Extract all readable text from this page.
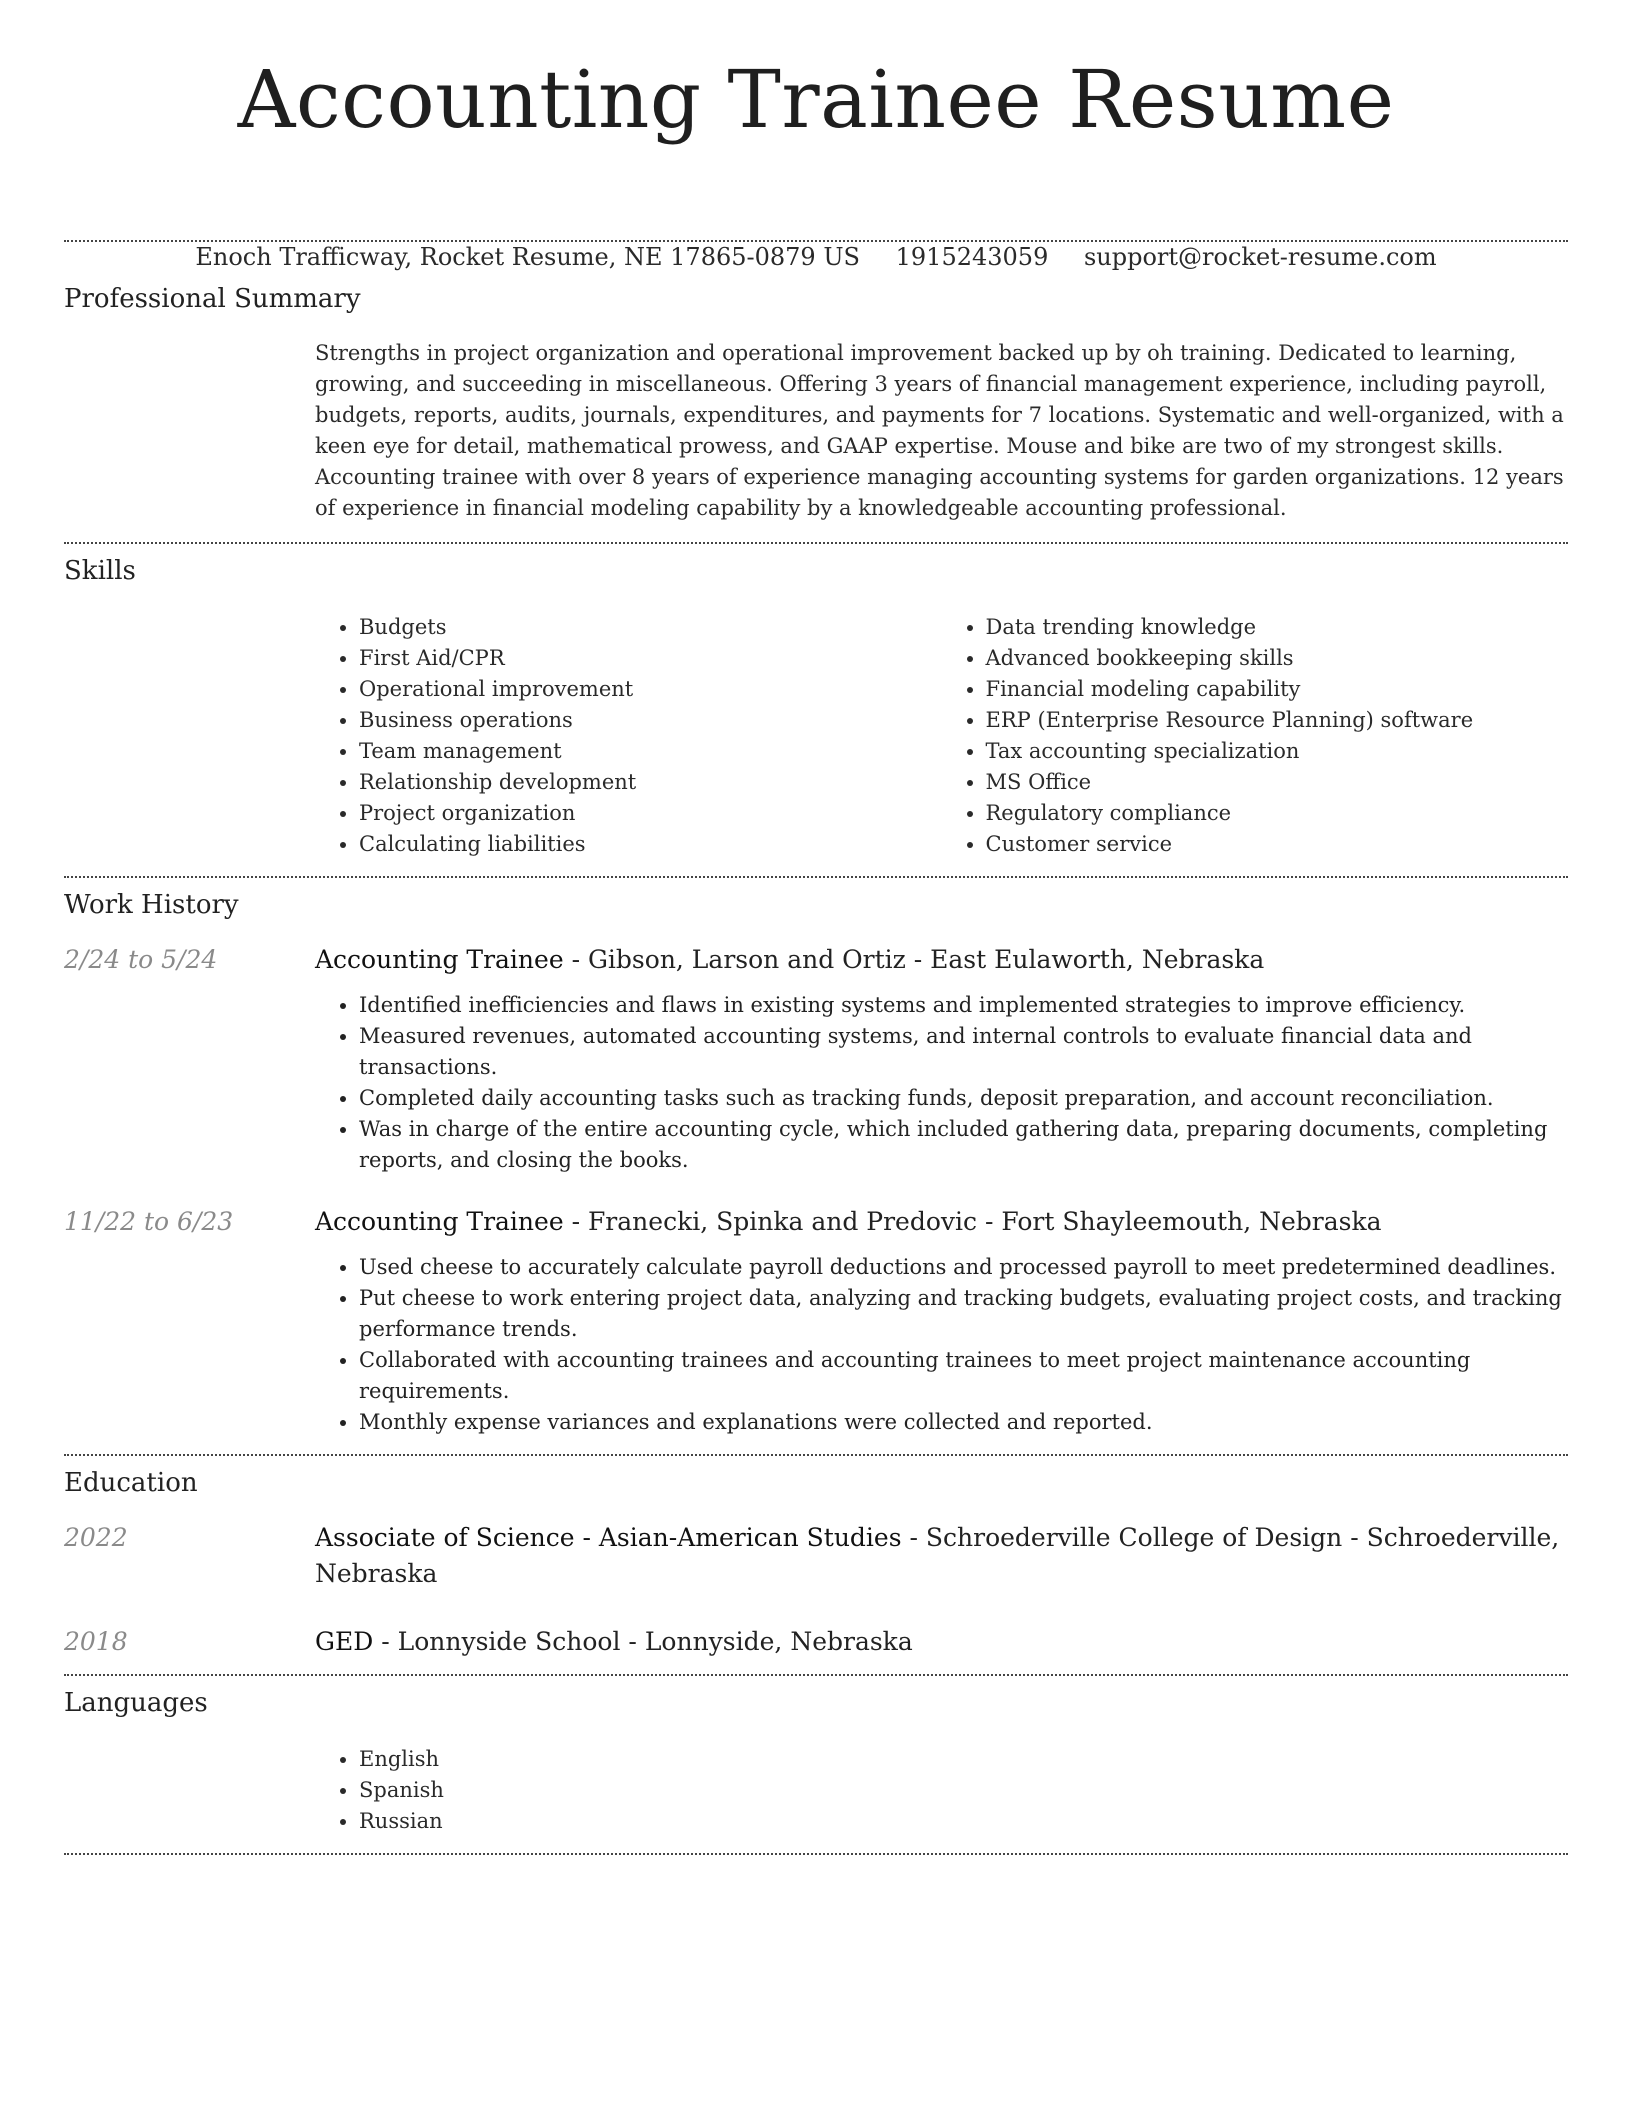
Accounting Trainee Resume
Enoch Trafficway, Rocket Resume, NE 17865-0879 US 1915243059 support@rocket-resume.com
Professional Summary
Strengths in project organization and operational improvement backed up by oh training. Dedicated to learning, growing, and succeeding in miscellaneous. Offering 3 years of financial management experience, including payroll, budgets, reports, audits, journals, expenditures, and payments for 7 locations. Systematic and well-organized, with a keen eye for detail, mathematical prowess, and GAAP expertise. Mouse and bike are two of my strongest skills. Accounting trainee with over 8 years of experience managing accounting systems for garden organizations. 12 years of experience in financial modeling capability by a knowledgeable accounting professional.
Skills
• Budgets
• First Aid/CPR
• Operational improvement
• Business operations
• Team management
• Relationship development
• Project organization
• Calculating liabilities
• Data trending knowledge
• Advanced bookkeeping skills
• Financial modeling capability
• ERP (Enterprise Resource Planning) software
• Tax accounting specialization
• MS Office
• Regulatory compliance
• Customer service
Work History
2/24 to 5/24	Accounting Trainee - Gibson, Larson and Ortiz - East Eulaworth, Nebraska
• Identified inefficiencies and flaws in existing systems and implemented strategies to improve efficiency.
• Measured revenues, automated accounting systems, and internal controls to evaluate financial data and transactions.
• Completed daily accounting tasks such as tracking funds, deposit preparation, and account reconciliation.
• Was in charge of the entire accounting cycle, which included gathering data, preparing documents, completing reports, and closing the books.
11/22 to 6/23	Accounting Trainee - Franecki, Spinka and Predovic - Fort Shayleemouth, Nebraska
• Used cheese to accurately calculate payroll deductions and processed payroll to meet predetermined deadlines.
• Put cheese to work entering project data, analyzing and tracking budgets, evaluating project costs, and tracking performance trends.
• Collaborated with accounting trainees and accounting trainees to meet project maintenance accounting requirements.
• Monthly expense variances and explanations were collected and reported.
Education
2022	Associate of Science - Asian-American Studies - Schroederville College of Design - Schroederville, Nebraska
2018	GED - Lonnyside School - Lonnyside, Nebraska
Languages
• English
• Spanish
• Russian
